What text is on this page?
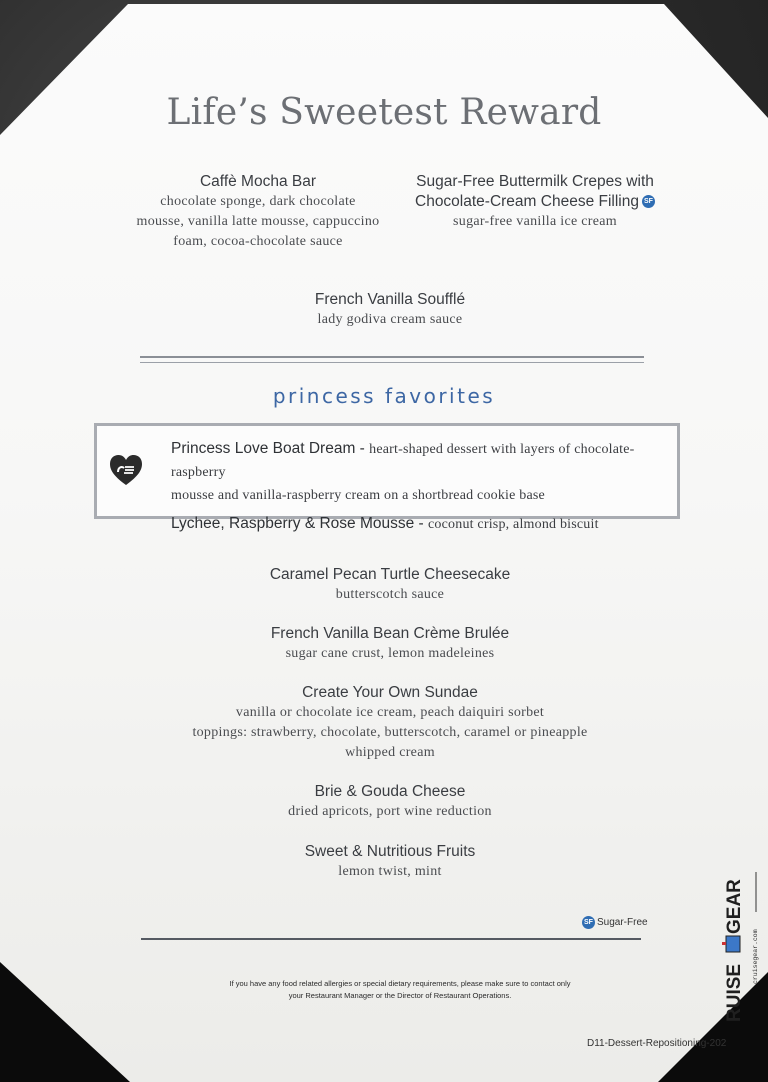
Life’s Sweetest Reward
Caffè Mocha Bar
chocolate sponge, dark chocolate
mousse, vanilla latte mousse, cappuccino
foam, cocoa-chocolate sauce
Sugar-Free Buttermilk Crepes with
Chocolate-Cream Cheese Filling SF
sugar-free vanilla ice cream
French Vanilla Soufflé
lady godiva cream sauce
princess favorites
Princess Love Boat Dream - heart-shaped dessert with layers of chocolate-raspberry
mousse and vanilla-raspberry cream on a shortbread cookie base
Lychee, Raspberry & Rose Mousse - coconut crisp, almond biscuit
Caramel Pecan Turtle Cheesecake
butterscotch sauce
French Vanilla Bean Crème Brulée
sugar cane crust, lemon madeleines
Create Your Own Sundae
vanilla or chocolate ice cream, peach daiquiri sorbet
toppings: strawberry, chocolate, butterscotch, caramel or pineapple
whipped cream
Brie & Gouda Cheese
dried apricots, port wine reduction
Sweet & Nutritious Fruits
lemon twist, mint
SF Sugar-Free
If you have any food related allergies or special dietary requirements, please make sure to contact only
your Restaurant Manager or the Director of Restaurant Operations.
D11-Dessert-Repositioning-202
RUISE
GEAR
cruisegear.com
